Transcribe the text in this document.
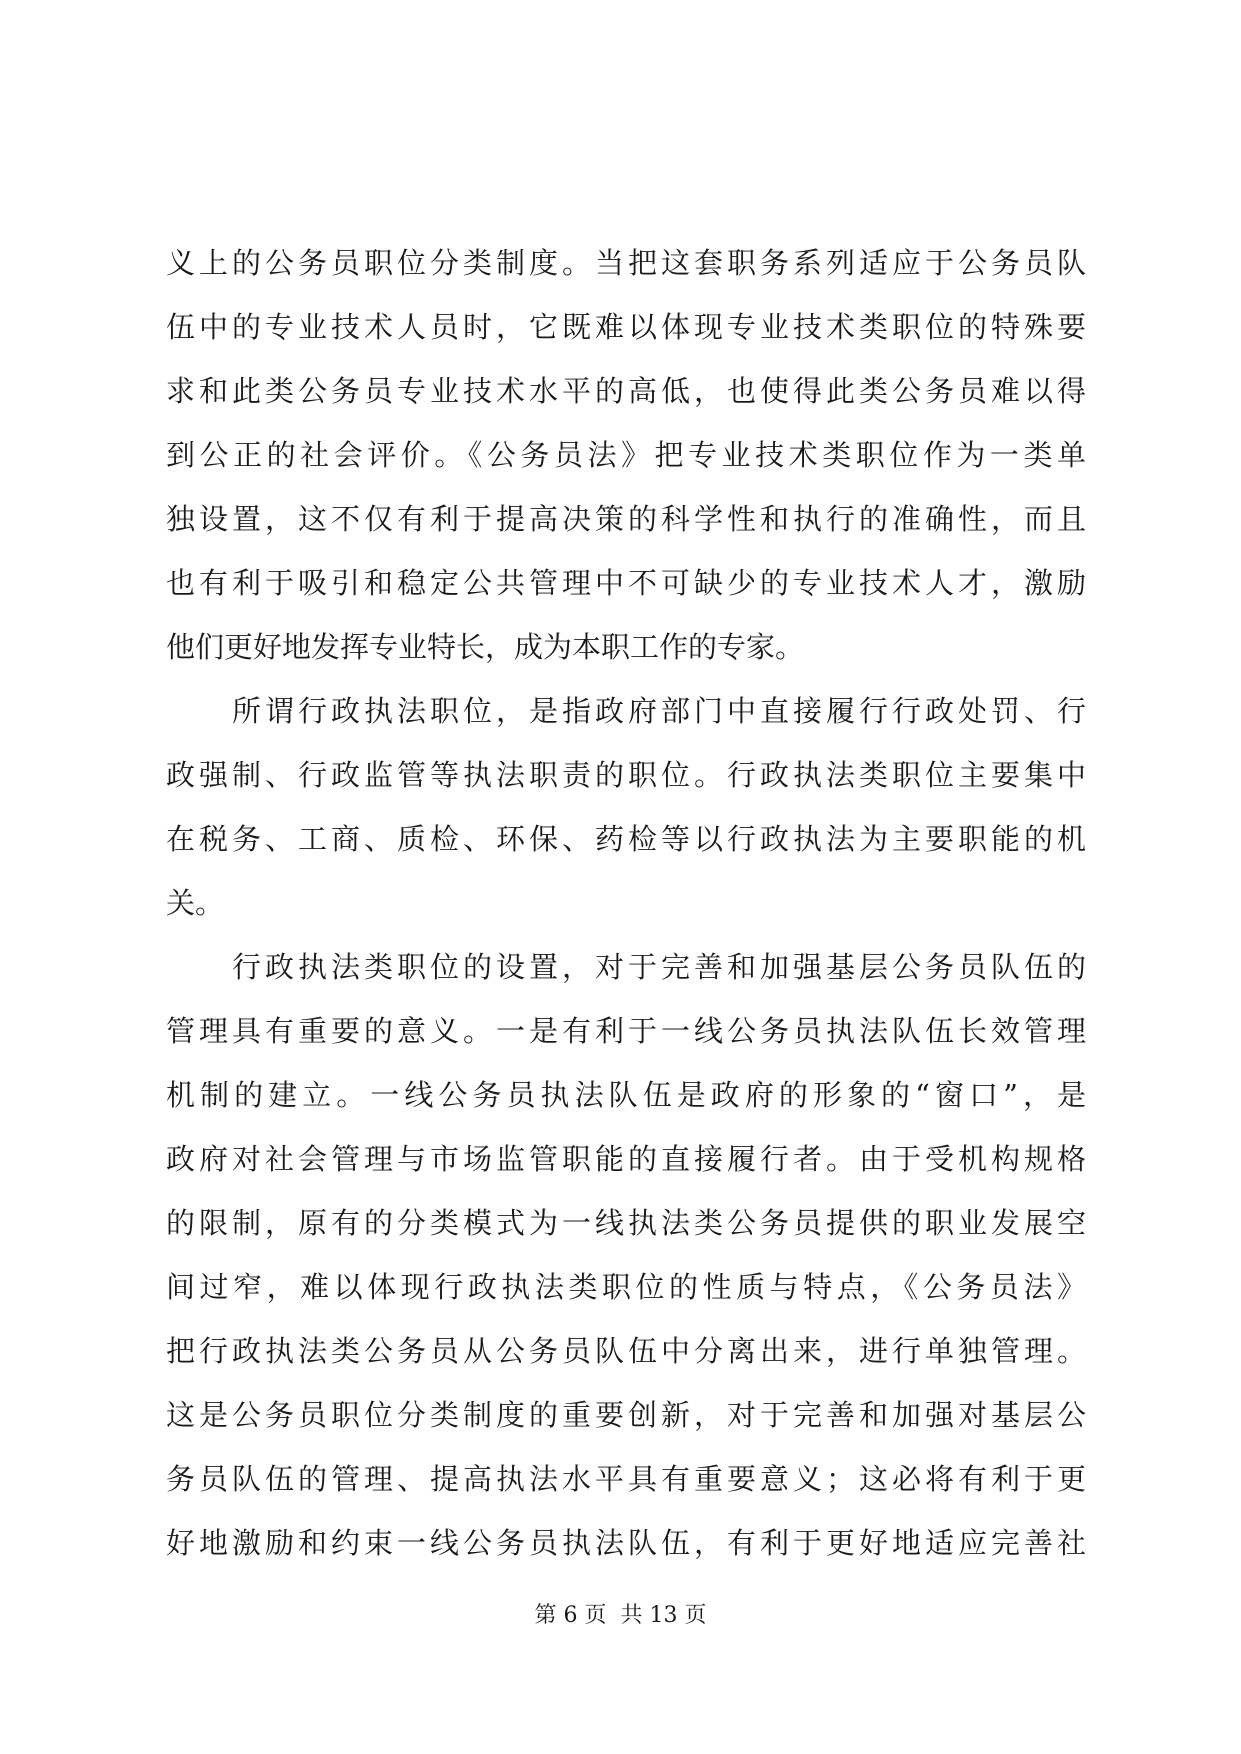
义上的公务员职位分类制度。当把这套职务系列适应于公务员队
伍中的专业技术人员时，它既难以体现专业技术类职位的特殊要
求和此类公务员专业技术水平的高低，也使得此类公务员难以得
到公正的社会评价。《公务员法》把专业技术类职位作为一类单
独设置，这不仅有利于提高决策的科学性和执行的准确性，而且
也有利于吸引和稳定公共管理中不可缺少的专业技术人才，激励
他们更好地发挥专业特长，成为本职工作的专家。
所谓行政执法职位，是指政府部门中直接履行行政处罚、行
政强制、行政监管等执法职责的职位。行政执法类职位主要集中
在税务、工商、质检、环保、药检等以行政执法为主要职能的机
关。
行政执法类职位的设置，对于完善和加强基层公务员队伍的
管理具有重要的意义。一是有利于一线公务员执法队伍长效管理
机制的建立。一线公务员执法队伍是政府的形象的“窗口”，是
政府对社会管理与市场监管职能的直接履行者。由于受机构规格
的限制，原有的分类模式为一线执法类公务员提供的职业发展空
间过窄，难以体现行政执法类职位的性质与特点，《公务员法》
把行政执法类公务员从公务员队伍中分离出来，进行单独管理。
这是公务员职位分类制度的重要创新，对于完善和加强对基层公
务员队伍的管理、提高执法水平具有重要意义；这必将有利于更
好地激励和约束一线公务员执法队伍，有利于更好地适应完善社
第 6 页 共 13 页
